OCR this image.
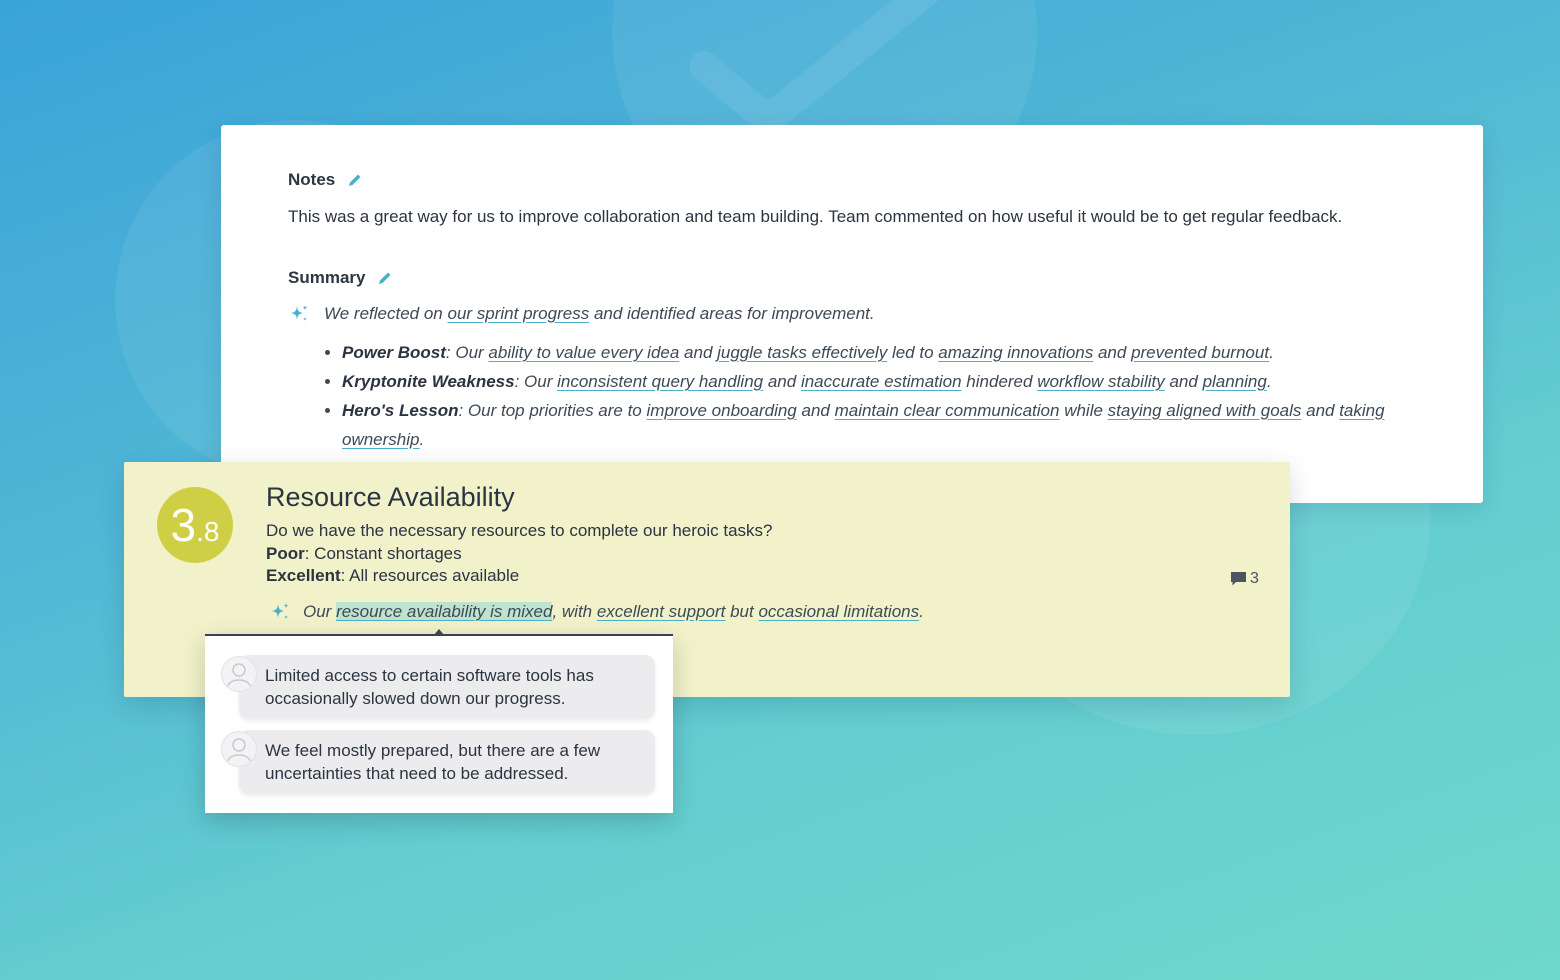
Notes
This was a great way for us to improve collaboration and team building. Team commented on how useful it would be to get regular feedback.
Summary
We reflected on our sprint progress and identified areas for improvement.
• Power Boost: Our ability to value every idea and juggle tasks effectively led to amazing innovations and prevented burnout.
• Kryptonite Weakness: Our inconsistent query handling and inaccurate estimation hindered workflow stability and planning.
• Hero's Lesson: Our top priorities are to improve onboarding and maintain clear communication while staying aligned with goals and taking ownership.
3 .8
Resource Availability
Do we have the necessary resources to complete our heroic tasks?
Poor: Constant shortages
Excellent: All resources available	3
Our resource availability is mixed, with excellent support but occasional limitations.
Limited access to certain software tools has occasionally slowed down our progress.
We feel mostly prepared, but there are a few uncertainties that need to be addressed.
